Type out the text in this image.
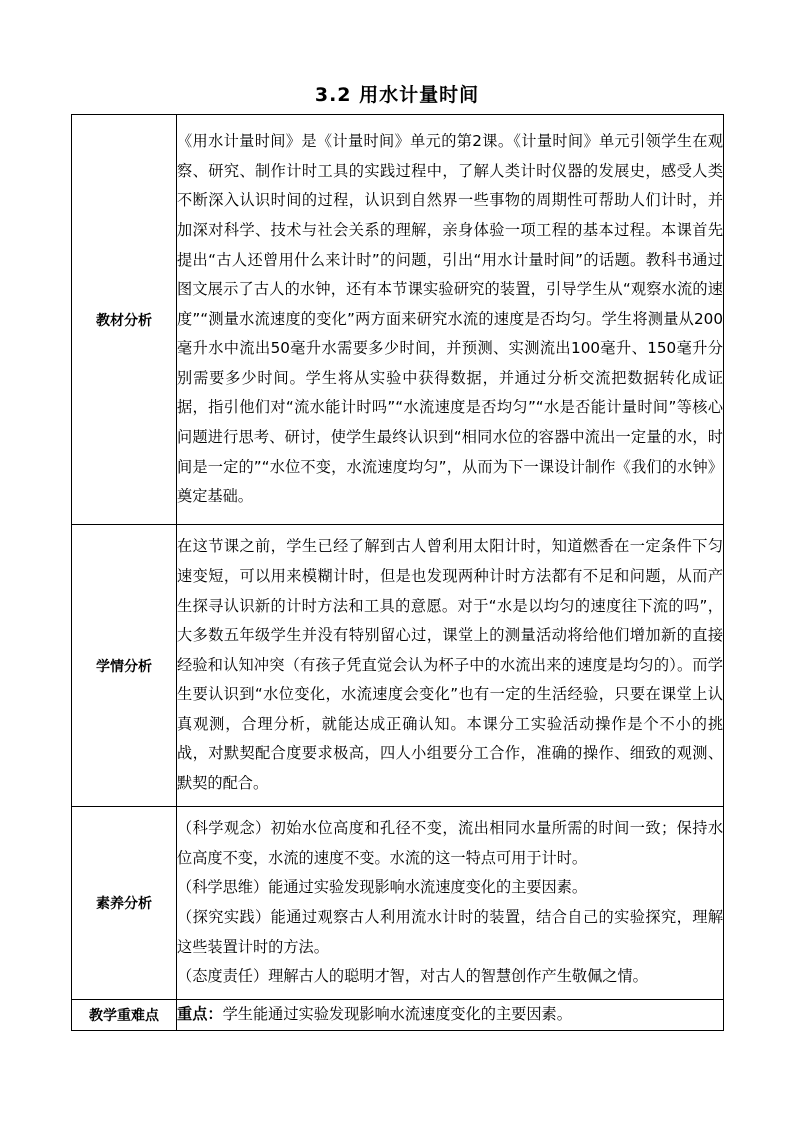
3.2 用水计量时间
教材分析	《用水计量时间》是《计量时间》单元的第2课。《计量时间》单元引领学生在观察、研究、制作计时工具的实践过程中，了解人类计时仪器的发展史，感受人类不断深入认识时间的过程，认识到自然界一些事物的周期性可帮助人们计时，并加深对科学、技术与社会关系的理解，亲身体验一项工程的基本过程。本课首先提出“古人还曾用什么来计时”的问题，引出“用水计量时间”的话题。教科书通过图文展示了古人的水钟，还有本节课实验研究的装置，引导学生从“观察水流的速度”“测量水流速度的变化”两方面来研究水流的速度是否均匀。学生将测量从200毫升水中流出50毫升水需要多少时间，并预测、实测流出100毫升、150毫升分别需要多少时间。学生将从实验中获得数据，并通过分析交流把数据转化成证据，指引他们对“流水能计时吗”“水流速度是否均匀”“水是否能计量时间”等核心问题进行思考、研讨，使学生最终认识到“相同水位的容器中流出一定量的水，时间是一定的”“水位不变，水流速度均匀”，从而为下一课设计制作《我们的水钟》奠定基础。

学情分析	在这节课之前，学生已经了解到古人曾利用太阳计时，知道燃香在一定条件下匀速变短，可以用来模糊计时，但是也发现两种计时方法都有不足和问题，从而产生探寻认识新的计时方法和工具的意愿。对于“水是以均匀的速度往下流的吗”，大多数五年级学生并没有特别留心过，课堂上的测量活动将给他们增加新的直接经验和认知冲突（有孩子凭直觉会认为杯子中的水流出来的速度是均匀的）。而学生要认识到“水位变化，水流速度会变化”也有一定的生活经验，只要在课堂上认真观测，合理分析，就能达成正确认知。本课分工实验活动操作是个不小的挑战，对默契配合度要求极高，四人小组要分工合作，准确的操作、细致的观测、默契的配合。

素养分析	（科学观念）初始水位高度和孔径不变，流出相同水量所需的时间一致；保持水位高度不变，水流的速度不变。水流的这一特点可用于计时。

（科学思维）能通过实验发现影响水流速度变化的主要因素。

（探究实践）能通过观察古人利用流水计时的装置，结合自己的实验探究，理解这些装置计时的方法。

（态度责任）理解古人的聪明才智，对古人的智慧创作产生敬佩之情。

教学重难点	重点：学生能通过实验发现影响水流速度变化的主要因素。
